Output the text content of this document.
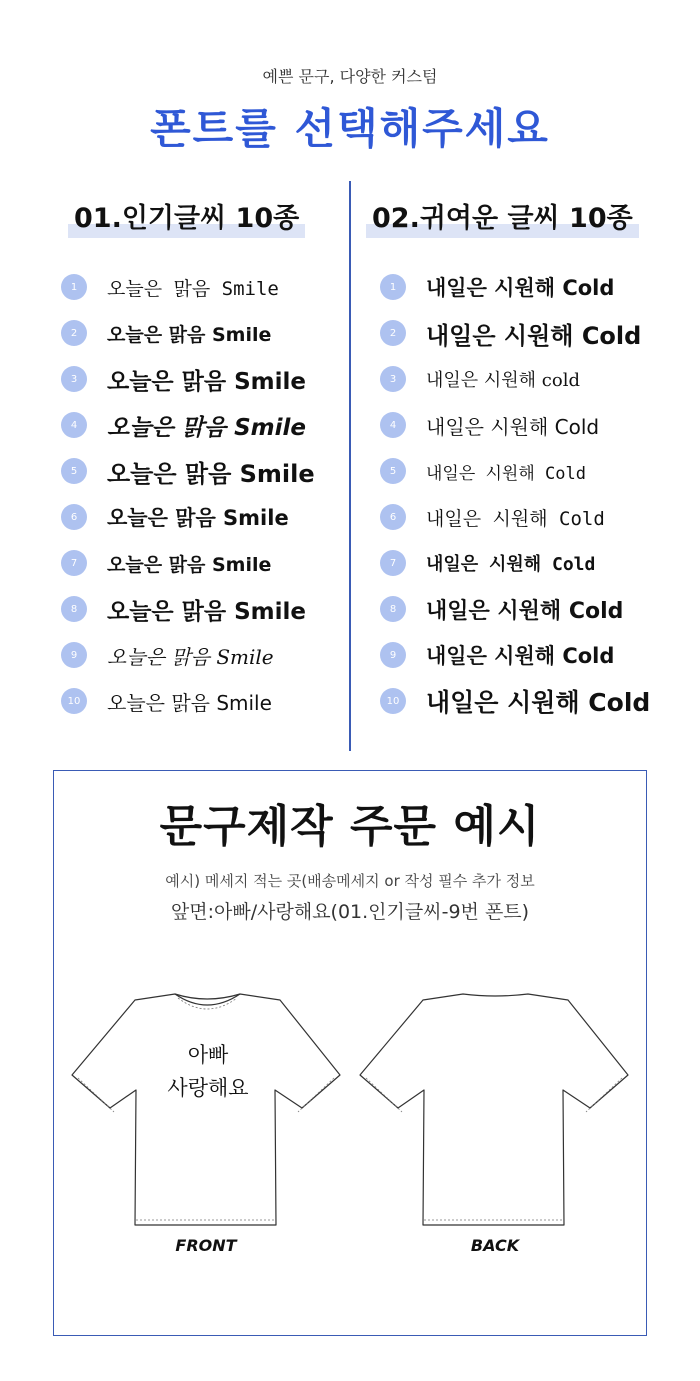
예쁜 문구, 다양한 커스텀
폰트를 선택해주세요
01.인기글씨 10종	02.귀여운 글씨 10종
1	오늘은 맑음 Smile
2	오늘은 맑음 Smile
3	오늘은 맑음 Smile
4	오늘은 맑음 Smile
5	오늘은 맑음 Smile
6	오늘은 맑음 Smile
7	오늘은 맑음 Smile
8	오늘은 맑음 Smile
9	오늘은 맑음 Smile
10	오늘은 맑음 Smile
1	내일은 시원해 Cold
2	내일은 시원해 Cold
3	내일은 시원해 cold
4	내일은 시원해 Cold
5	내일은 시원해 Cold
6	내일은 시원해 Cold
7	내일은 시원해 Cold
8	내일은 시원해 Cold
9	내일은 시원해 Cold
10 내일은 시원해 Cold
문구제작 주문 예시
예시) 메세지 적는 곳(배송메세지 or 작성 필수 추가 정보
앞면:아빠/사랑해요(01.인기글씨-9번 폰트)
아빠
사랑해요
FRONT	BACK
